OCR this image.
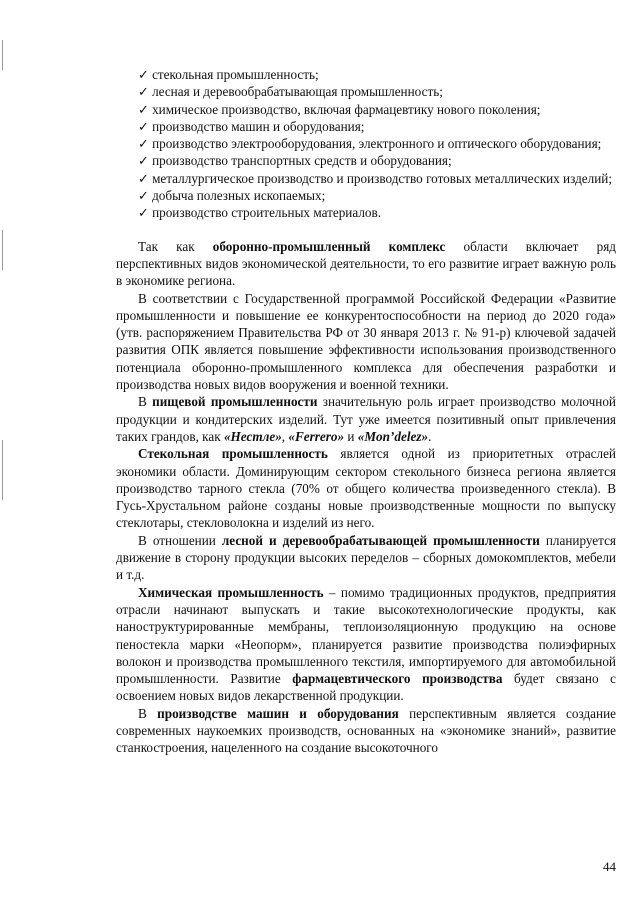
✓ стекольная промышленность;

✓ лесная и деревообрабатывающая промышленность;

✓ химическое производство, включая фармацевтику нового поколения;

✓ производство машин и оборудования;

✓ производство электрооборудования, электронного и оптического оборудования;

✓ производство транспортных средств и оборудования;

✓ металлургическое производство и производство готовых металлических изделий;

✓ добыча полезных ископаемых;

✓ производство строительных материалов.

Так как оборонно-промышленный комплекс области включает ряд перспективных видов экономической деятельности, то его развитие играет важную роль в экономике региона.

В соответствии с Государственной программой Российской Федерации «Развитие промышленности и повышение ее конкурентоспособности на период до 2020 года» (утв. распоряжением Правительства РФ от 30 января 2013 г. № 91-р) ключевой задачей развития ОПК является повышение эффективности использования производственного потенциала оборонно-промышленного комплекса для обеспечения разработки и производства новых видов вооружения и военной техники.

В пищевой промышленности значительную роль играет производство молочной продукции и кондитерских изделий. Тут уже имеется позитивный опыт привлечения таких грандов, как «Нестле», «Ferrero» и «Mon’delez».

Стекольная промышленность является одной из приоритетных отраслей экономики области. Доминирующим сектором стекольного бизнеса региона является производство тарного стекла (70% от общего количества произведенного стекла). В Гусь-Хрустальном районе созданы новые производственные мощности по выпуску стеклотары, стекловолокна и изделий из него.

В отношении лесной и деревообрабатывающей промышленности планируется движение в сторону продукции высоких переделов – сборных домокомплектов, мебели и т.д.

Химическая промышленность – помимо традиционных продуктов, предприятия отрасли начинают выпускать и такие высокотехнологические продукты, как наноструктурированные мембраны, теплоизоляционную продукцию на основе пеностекла марки «Неопорм», планируется развитие производства полиэфирных волокон и производства промышленного текстиля, импортируемого для автомобильной промышленности. Развитие фармацевтического производства будет связано с освоением новых видов лекарственной продукции.

В производстве машин и оборудования перспективным является создание современных наукоемких производств, основанных на «экономике знаний», развитие станкостроения, нацеленного на создание высокоточного

44
